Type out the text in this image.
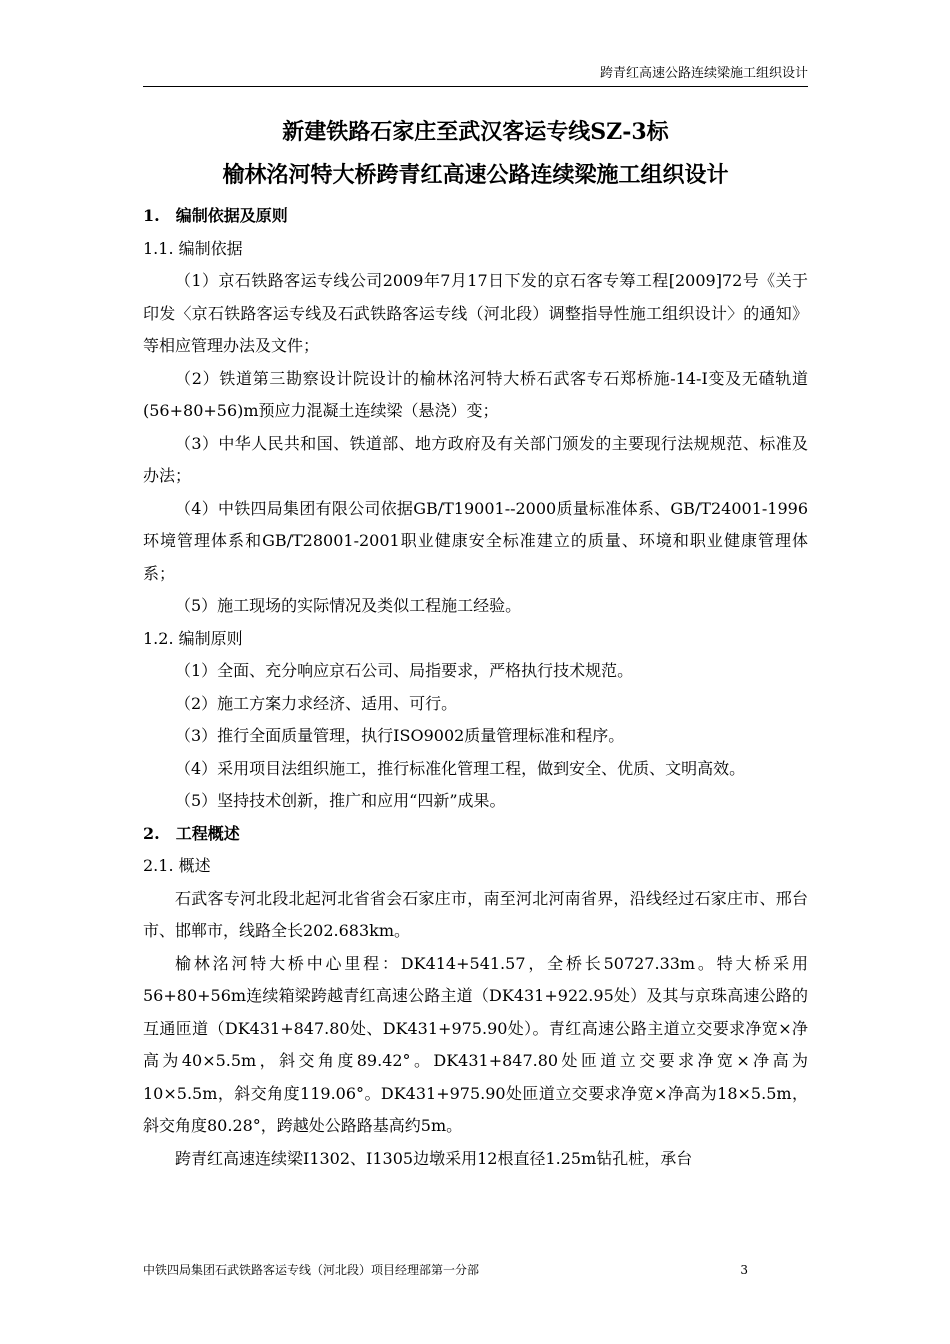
跨青红高速公路连续梁施工组织设计
新建铁路石家庄至武汉客运专线SZ-3标
榆林洺河特大桥跨青红高速公路连续梁施工组织设计

1.　编制依据及原则

1.1. 编制依据

（1）京石铁路客运专线公司2009年7月17日下发的京石客专筹工程[2009]72号《关于印发〈京石铁路客运专线及石武铁路客运专线（河北段）调整指导性施工组织设计〉的通知》等相应管理办法及文件；

（2）铁道第三勘察设计院设计的榆林洺河特大桥石武客专石郑桥施-14-I变及无碴轨道(56+80+56)m预应力混凝土连续梁（悬浇）变；

（3）中华人民共和国、铁道部、地方政府及有关部门颁发的主要现行法规规范、标准及办法；

（4）中铁四局集团有限公司依据GB/T19001--2000质量标准体系、GB/T24001-1996环境管理体系和GB/T28001-2001职业健康安全标准建立的质量、环境和职业健康管理体系；

（5）施工现场的实际情况及类似工程施工经验。

1.2. 编制原则

（1）全面、充分响应京石公司、局指要求，严格执行技术规范。

（2）施工方案力求经济、适用、可行。

（3）推行全面质量管理，执行ISO9002质量管理标准和程序。

（4）采用项目法组织施工，推行标准化管理工程，做到安全、优质、文明高效。

（5）坚持技术创新，推广和应用“四新”成果。

2.　工程概述

2.1. 概述

石武客专河北段北起河北省省会石家庄市，南至河北河南省界，沿线经过石家庄市、邢台市、邯郸市，线路全长202.683km。

榆林洺河特大桥中心里程：DK414+541.57，全桥长50727.33m。特大桥采用56+80+56m连续箱梁跨越青红高速公路主道（DK431+922.95处）及其与京珠高速公路的互通匝道（DK431+847.80处、DK431+975.90处）。青红高速公路主道立交要求净宽×净高为40×5.5m，斜交角度89.42°。DK431+847.80处匝道立交要求净宽×净高为10×5.5m，斜交角度119.06°。DK431+975.90处匝道立交要求净宽×净高为18×5.5m，斜交角度80.28°，跨越处公路路基高约5m。

跨青红高速连续梁I1302、I1305边墩采用12根直径1.25m钻孔桩，承台

中铁四局集团石武铁路客运专线（河北段）项目经理部第一分部	3
